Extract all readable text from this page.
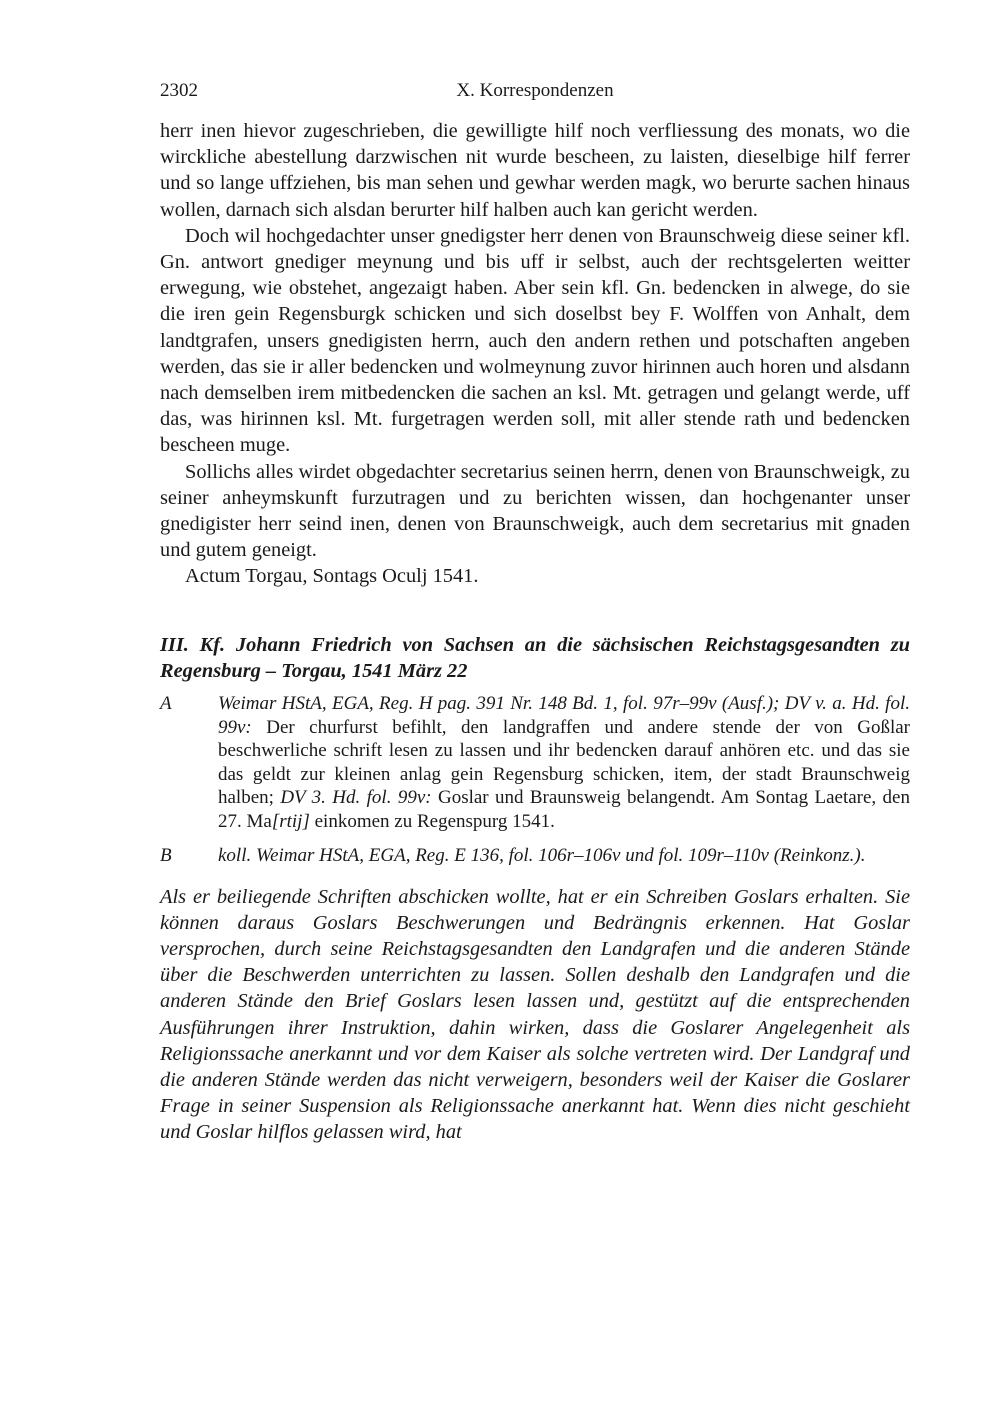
2302	X. Korrespondenzen

herr inen hievor zugeschrieben, die gewilligte hilf noch verfliessung des monats, wo die wirckliche abestellung darzwischen nit wurde bescheen, zu laisten, dieselbige hilf ferrer und so lange uffziehen, bis man sehen und gewhar werden magk, wo berurte sachen hinaus wollen, darnach sich alsdan berurter hilf halben auch kan gericht werden.

Doch wil hochgedachter unser gnedigster herr denen von Braunschweig diese seiner kfl. Gn. antwort gnediger meynung und bis uff ir selbst, auch der rechtsgelerten weitter erwegung, wie obstehet, angezaigt haben. Aber sein kfl. Gn. bedencken in alwege, do sie die iren gein Regensburgk schicken und sich doselbst bey F. Wolffen von Anhalt, dem landtgrafen, unsers gnedigisten herrn, auch den andern rethen und potschaften angeben werden, das sie ir aller bedencken und wolmeynung zuvor hirinnen auch horen und alsdann nach demselben irem mitbedencken die sachen an ksl. Mt. getragen und gelangt werde, uff das, was hirinnen ksl. Mt. furgetragen werden soll, mit aller stende rath und bedencken bescheen muge.

Sollichs alles wirdet obgedachter secretarius seinen herrn, denen von Braunschweigk, zu seiner anheymskunft furzutragen und zu berichten wissen, dan hochgenanter unser gnedigister herr seind inen, denen von Braunschweigk, auch dem secretarius mit gnaden und gutem geneigt.

Actum Torgau, Sontags Oculj 1541.

III. Kf. Johann Friedrich von Sachsen an die sächsischen Reichstagsgesandten zu Regensburg – Torgau, 1541 März 22
A	Weimar HStA, EGA, Reg. H pag. 391 Nr. 148 Bd. 1, fol. 97r–99v (Ausf.); DV v. a. Hd. fol. 99v: Der churfurst befihlt, den landgraffen und andere stende der von Goßlar beschwerliche schrift lesen zu lassen und ihr bedencken darauf anhören etc. und das sie das geldt zur kleinen anlag gein Regensburg schicken, item, der stadt Braunschweig halben; DV 3. Hd. fol. 99v: Goslar und Braunsweig belangendt. Am Sontag Laetare, den 27. Ma[rtij] einkomen zu Regenspurg 1541.
B	koll. Weimar HStA, EGA, Reg. E 136, fol. 106r–106v und fol. 109r–110v (Reinkonz.).
Als er beiliegende Schriften abschicken wollte, hat er ein Schreiben Goslars erhalten. Sie können daraus Goslars Beschwerungen und Bedrängnis erkennen. Hat Goslar versprochen, durch seine Reichstagsgesandten den Landgrafen und die anderen Stände über die Beschwerden unterrichten zu lassen. Sollen deshalb den Landgrafen und die anderen Stände den Brief Goslars lesen lassen und, gestützt auf die entsprechenden Ausführungen ihrer Instruktion, dahin wirken, dass die Goslarer Angelegenheit als Religionssache anerkannt und vor dem Kaiser als solche vertreten wird. Der Landgraf und die anderen Stände werden das nicht verweigern, besonders weil der Kaiser die Goslarer Frage in seiner Suspension als Religionssache anerkannt hat. Wenn dies nicht geschieht und Goslar hilflos gelassen wird, hat
